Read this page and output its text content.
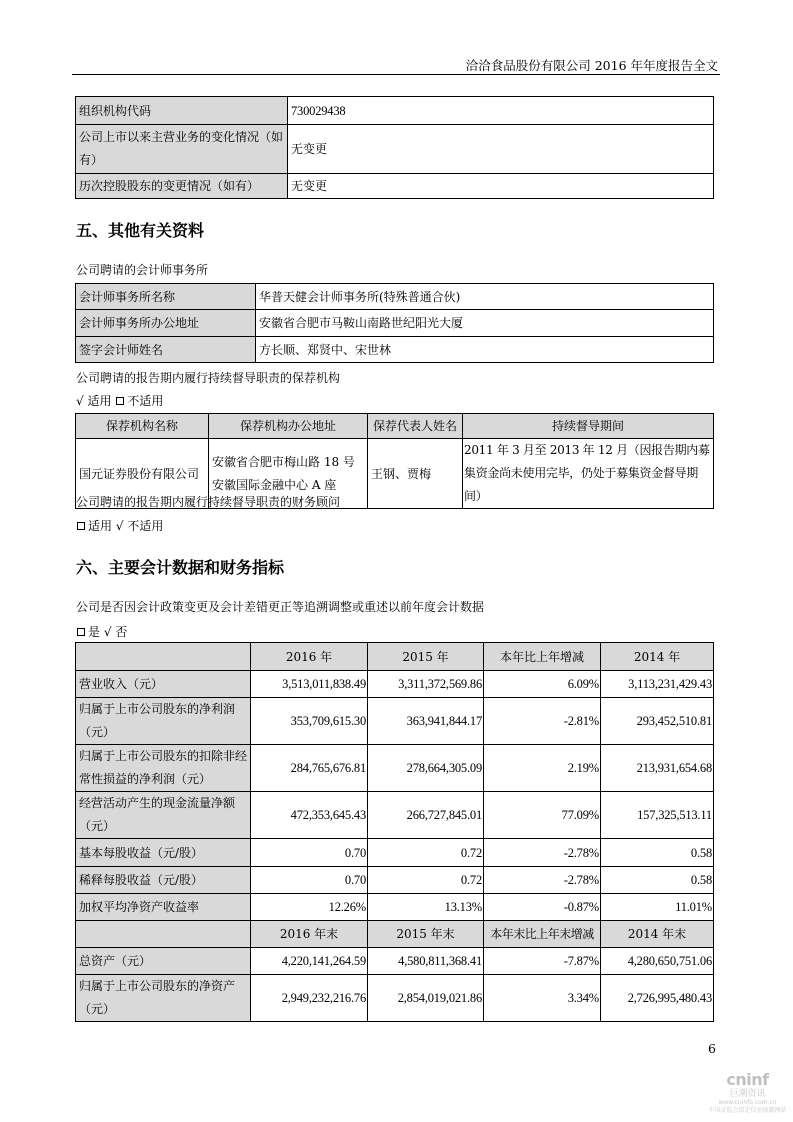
洽洽食品股份有限公司 2016 年年度报告全文
组织机构代码	730029438
公司上市以来主营业务的变化情况（如有）	无变更
历次控股股东的变更情况（如有）	无变更
五、其他有关资料
公司聘请的会计师事务所
会计师事务所名称	华普天健会计师事务所(特殊普通合伙)
会计师事务所办公地址	安徽省合肥市马鞍山南路世纪阳光大厦
签字会计师姓名	方长顺、郑贤中、宋世林
公司聘请的报告期内履行持续督导职责的保荐机构
√ 适用 不适用
保荐机构名称	保荐机构办公地址	保荐代表人姓名	持续督导期间
国元证券股份有限公司	安徽省合肥市梅山路 18 号安徽国际金融中心 A 座	王钢、贾梅	2011 年 3 月至 2013 年 12 月（因报告期内募集资金尚未使用完毕，仍处于募集资金督导期间）
公司聘请的报告期内履行持续督导职责的财务顾问
适用 √ 不适用
六、主要会计数据和财务指标
公司是否因会计政策变更及会计差错更正等追溯调整或重述以前年度会计数据
是 √ 否
	2016 年	2015 年	本年比上年增减	2014 年
营业收入（元）	3,513,011,838.49	3,311,372,569.86	6.09%	3,113,231,429.43
归属于上市公司股东的净利润（元）	353,709,615.30	363,941,844.17	-2.81%	293,452,510.81
归属于上市公司股东的扣除非经常性损益的净利润（元）	284,765,676.81	278,664,305.09	2.19%	213,931,654.68
经营活动产生的现金流量净额（元）	472,353,645.43	266,727,845.01	77.09%	157,325,513.11
基本每股收益（元/股）	0.70	0.72	-2.78%	0.58
稀释每股收益（元/股）	0.70	0.72	-2.78%	0.58
加权平均净资产收益率	12.26%	13.13%	-0.87%	11.01%
	2016 年末	2015 年末	本年末比上年末增减	2014 年末
总资产（元）	4,220,141,264.59	4,580,811,368.41	-7.87%	4,280,650,751.06
归属于上市公司股东的净资产（元）	2,949,232,216.76	2,854,019,021.86	3.34%	2,726,995,480.43
6
cninf
巨潮资讯
www.cninfo.com.cn
中国证监会指定信息披露网站
